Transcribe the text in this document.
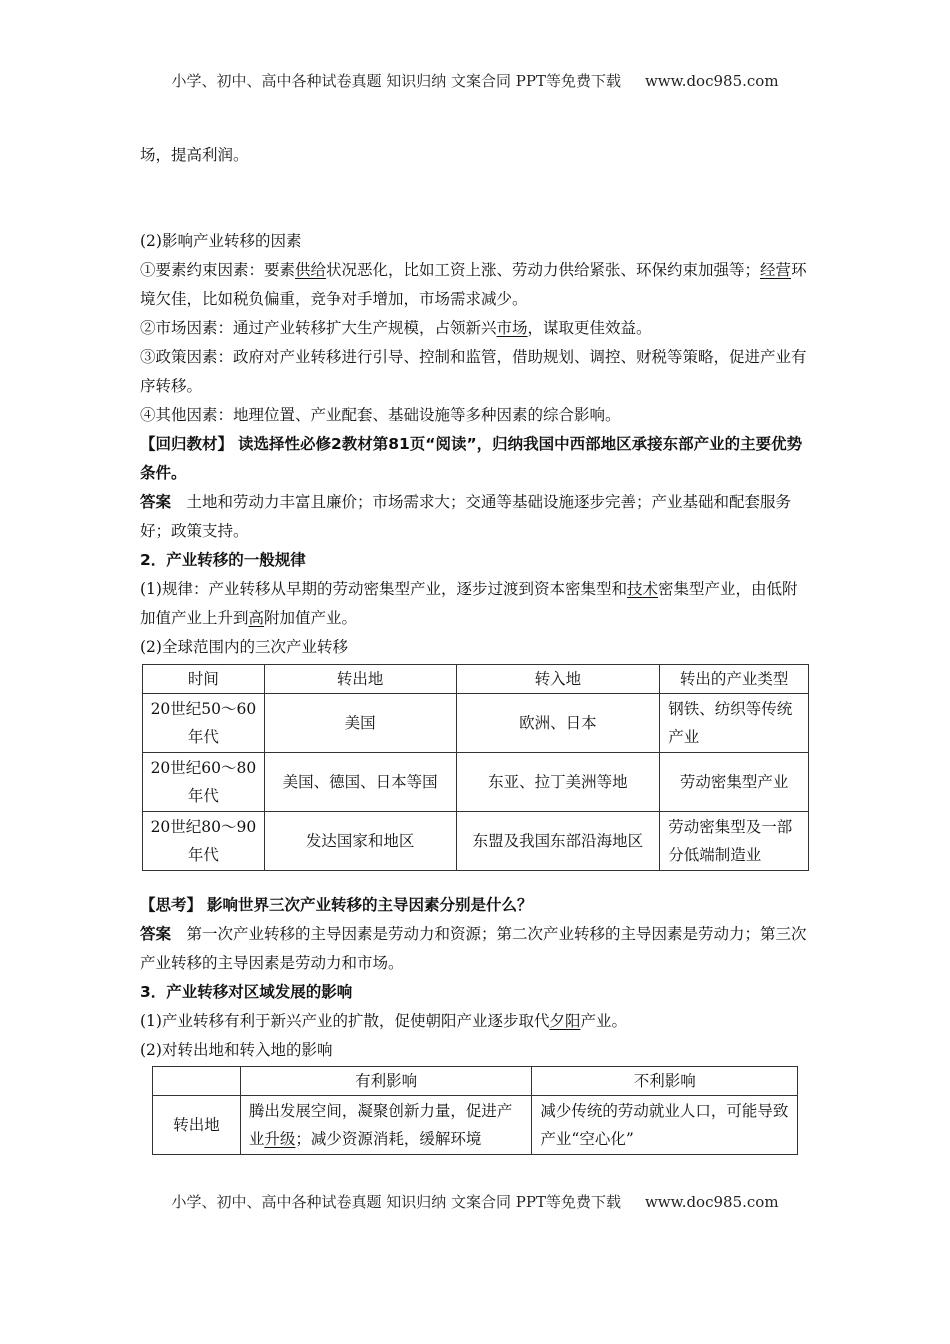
小学、初中、高中各种试卷真题 知识归纳 文案合同 PPT等免费下载 www.doc985.com

场，提高利润。

(2)影响产业转移的因素

①要素约束因素：要素供给状况恶化，比如工资上涨、劳动力供给紧张、环保约束加强等；经营环境欠佳，比如税负偏重，竞争对手增加，市场需求减少。

②市场因素：通过产业转移扩大生产规模，占领新兴市场，谋取更佳效益。

③政策因素：政府对产业转移进行引导、控制和监管，借助规划、调控、财税等策略，促进产业有序转移。

④其他因素：地理位置、产业配套、基础设施等多种因素的综合影响。

【回归教材】 读选择性必修2教材第81页“阅读”，归纳我国中西部地区承接东部产业的主要优势条件。

答案  土地和劳动力丰富且廉价；市场需求大；交通等基础设施逐步完善；产业基础和配套服务好；政策支持。

2．产业转移的一般规律

(1)规律：产业转移从早期的劳动密集型产业，逐步过渡到资本密集型和技术密集型产业，由低附加值产业上升到高附加值产业。

(2)全球范围内的三次产业转移

时间	转出地	转入地	转出的产业类型
20世纪50～60年代	美国	欧洲、日本	钢铁、纺织等传统产业
20世纪60～80年代	美国、德国、日本等国	东亚、拉丁美洲等地	劳动密集型产业
20世纪80～90年代	发达国家和地区	东盟及我国东部沿海地区	劳动密集型及一部分低端制造业

【思考】 影响世界三次产业转移的主导因素分别是什么？

答案  第一次产业转移的主导因素是劳动力和资源；第二次产业转移的主导因素是劳动力；第三次产业转移的主导因素是劳动力和市场。

3．产业转移对区域发展的影响

(1)产业转移有利于新兴产业的扩散，促使朝阳产业逐步取代夕阳产业。

(2)对转出地和转入地的影响

	有利影响	不利影响
转出地	腾出发展空间，凝聚创新力量，促进产业升级；减少资源消耗，缓解环境	减少传统的劳动就业人口，可能导致产业“空心化”
小学、初中、高中各种试卷真题 知识归纳 文案合同 PPT等免费下载 www.doc985.com
